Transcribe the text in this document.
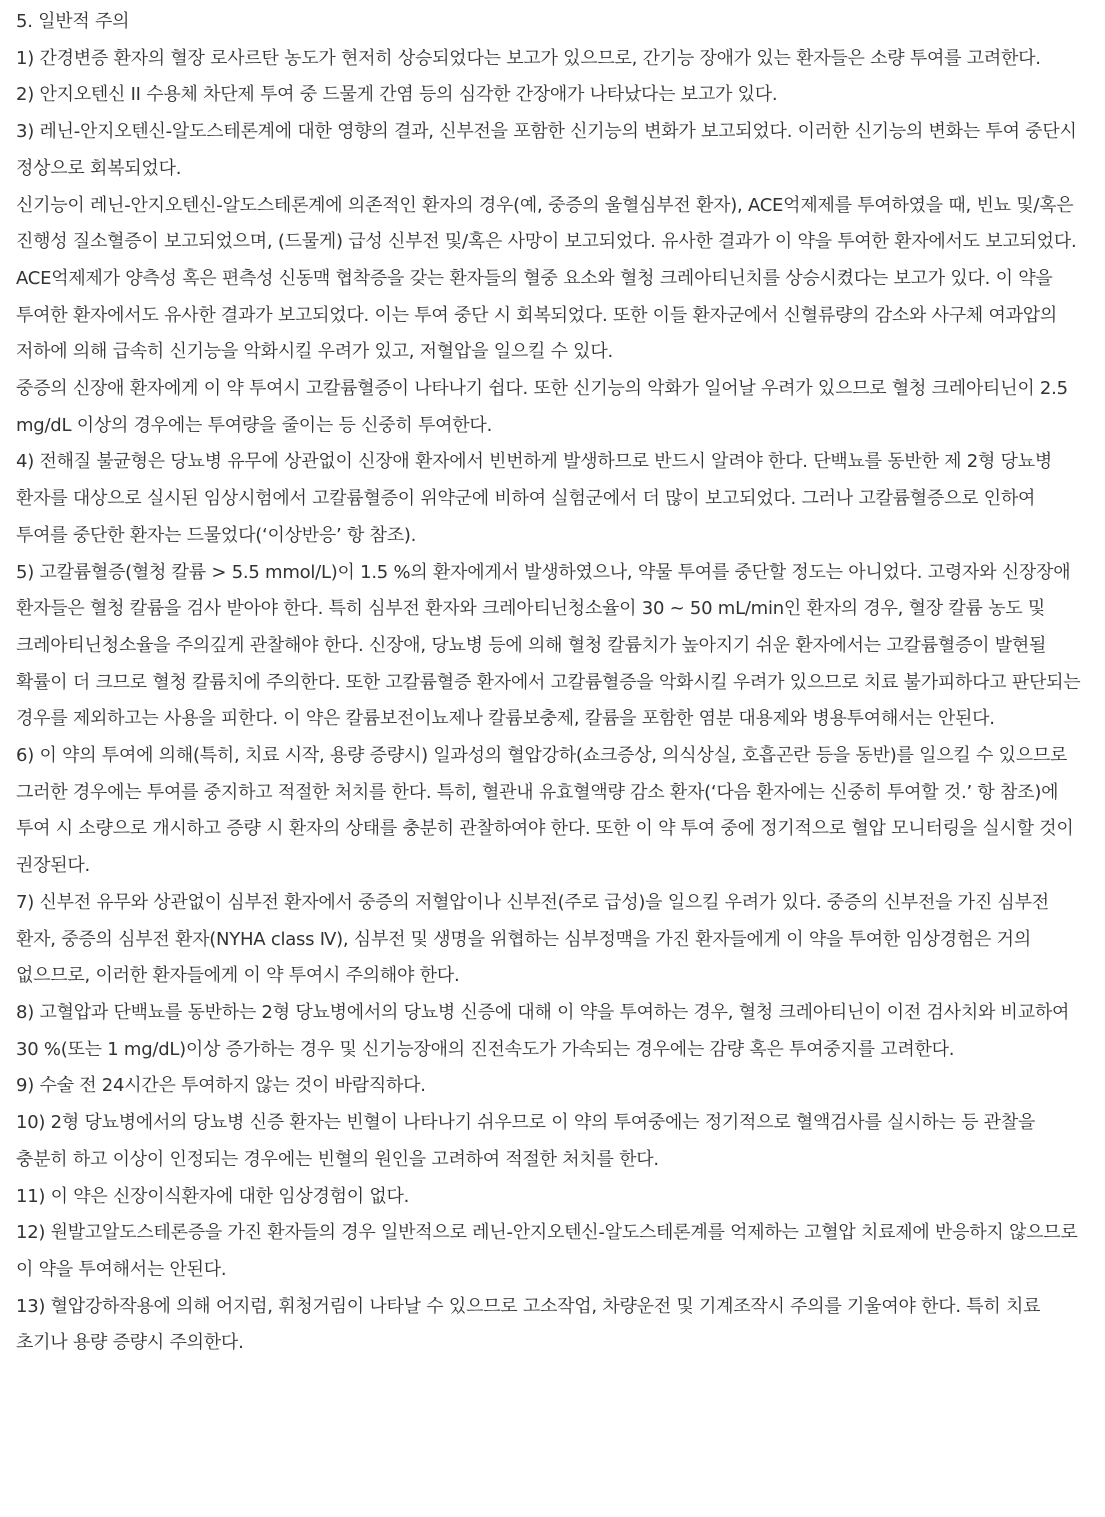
5. 일반적 주의

1) 간경변증 환자의 혈장 로사르탄 농도가 현저히 상승되었다는 보고가 있으므로, 간기능 장애가 있는 환자들은 소량 투여를 고려한다.

2) 안지오텐신 II 수용체 차단제 투여 중 드물게 간염 등의 심각한 간장애가 나타났다는 보고가 있다.

3) 레닌-안지오텐신-알도스테론계에 대한 영향의 결과, 신부전을 포함한 신기능의 변화가 보고되었다. 이러한 신기능의 변화는 투여 중단시 정상으로 회복되었다.

신기능이 레닌-안지오텐신-알도스테론계에 의존적인 환자의 경우(예, 중증의 울혈심부전 환자), ACE억제제를 투여하였을 때, 빈뇨 및/혹은 진행성 질소혈증이 보고되었으며, (드물게) 급성 신부전 및/혹은 사망이 보고되었다. 유사한 결과가 이 약을 투여한 환자에서도 보고되었다.

ACE억제제가 양측성 혹은 편측성 신동맥 협착증을 갖는 환자들의 혈중 요소와 혈청 크레아티닌치를 상승시켰다는 보고가 있다. 이 약을 투여한 환자에서도 유사한 결과가 보고되었다. 이는 투여 중단 시 회복되었다. 또한 이들 환자군에서 신혈류량의 감소와 사구체 여과압의 저하에 의해 급속히 신기능을 악화시킬 우려가 있고, 저혈압을 일으킬 수 있다.

중증의 신장애 환자에게 이 약 투여시 고칼륨혈증이 나타나기 쉽다. 또한 신기능의 악화가 일어날 우려가 있으므로 혈청 크레아티닌이 2.5 mg/dL 이상의 경우에는 투여량을 줄이는 등 신중히 투여한다.

4) 전해질 불균형은 당뇨병 유무에 상관없이 신장애 환자에서 빈번하게 발생하므로 반드시 알려야 한다. 단백뇨를 동반한 제 2형 당뇨병 환자를 대상으로 실시된 임상시험에서 고칼륨혈증이 위약군에 비하여 실험군에서 더 많이 보고되었다. 그러나 고칼륨혈증으로 인하여 투여를 중단한 환자는 드물었다(‘이상반응’ 항 참조).

5) 고칼륨혈증(혈청 칼륨 > 5.5 mmol/L)이 1.5 %의 환자에게서 발생하였으나, 약물 투여를 중단할 정도는 아니었다. 고령자와 신장장애 환자들은 혈청 칼륨을 검사 받아야 한다. 특히 심부전 환자와 크레아티닌청소율이 30 ~ 50 mL/min인 환자의 경우, 혈장 칼륨 농도 및 크레아티닌청소율을 주의깊게 관찰해야 한다. 신장애, 당뇨병 등에 의해 혈청 칼륨치가 높아지기 쉬운 환자에서는 고칼륨혈증이 발현될 확률이 더 크므로 혈청 칼륨치에 주의한다. 또한 고칼륨혈증 환자에서 고칼륨혈증을 악화시킬 우려가 있으므로 치료 불가피하다고 판단되는 경우를 제외하고는 사용을 피한다. 이 약은 칼륨보전이뇨제나 칼륨보충제, 칼륨을 포함한 염분 대용제와 병용투여해서는 안된다.

6) 이 약의 투여에 의해(특히, 치료 시작, 용량 증량시) 일과성의 혈압강하(쇼크증상, 의식상실, 호흡곤란 등을 동반)를 일으킬 수 있으므로 그러한 경우에는 투여를 중지하고 적절한 처치를 한다. 특히, 혈관내 유효혈액량 감소 환자(‘다음 환자에는 신중히 투여할 것.’ 항 참조)에 투여 시 소량으로 개시하고 증량 시 환자의 상태를 충분히 관찰하여야 한다. 또한 이 약 투여 중에 정기적으로 혈압 모니터링을 실시할 것이 권장된다.

7) 신부전 유무와 상관없이 심부전 환자에서 중증의 저혈압이나 신부전(주로 급성)을 일으킬 우려가 있다. 중증의 신부전을 가진 심부전 환자, 중증의 심부전 환자(NYHA class Ⅳ), 심부전 및 생명을 위협하는 심부정맥을 가진 환자들에게 이 약을 투여한 임상경험은 거의 없으므로, 이러한 환자들에게 이 약 투여시 주의해야 한다.

8) 고혈압과 단백뇨를 동반하는 2형 당뇨병에서의 당뇨병 신증에 대해 이 약을 투여하는 경우, 혈청 크레아티닌이 이전 검사치와 비교하여 30 %(또는 1 mg/dL)이상 증가하는 경우 및 신기능장애의 진전속도가 가속되는 경우에는 감량 혹은 투여중지를 고려한다.

9) 수술 전 24시간은 투여하지 않는 것이 바람직하다.

10) 2형 당뇨병에서의 당뇨병 신증 환자는 빈혈이 나타나기 쉬우므로 이 약의 투여중에는 정기적으로 혈액검사를 실시하는 등 관찰을 충분히 하고 이상이 인정되는 경우에는 빈혈의 원인을 고려하여 적절한 처치를 한다.

11) 이 약은 신장이식환자에 대한 임상경험이 없다.

12) 원발고알도스테론증을 가진 환자들의 경우 일반적으로 레닌-안지오텐신-알도스테론계를 억제하는 고혈압 치료제에 반응하지 않으므로 이 약을 투여해서는 안된다.

13) 혈압강하작용에 의해 어지럼, 휘청거림이 나타날 수 있으므로 고소작업, 차량운전 및 기계조작시 주의를 기울여야 한다. 특히 치료 초기나 용량 증량시 주의한다.
